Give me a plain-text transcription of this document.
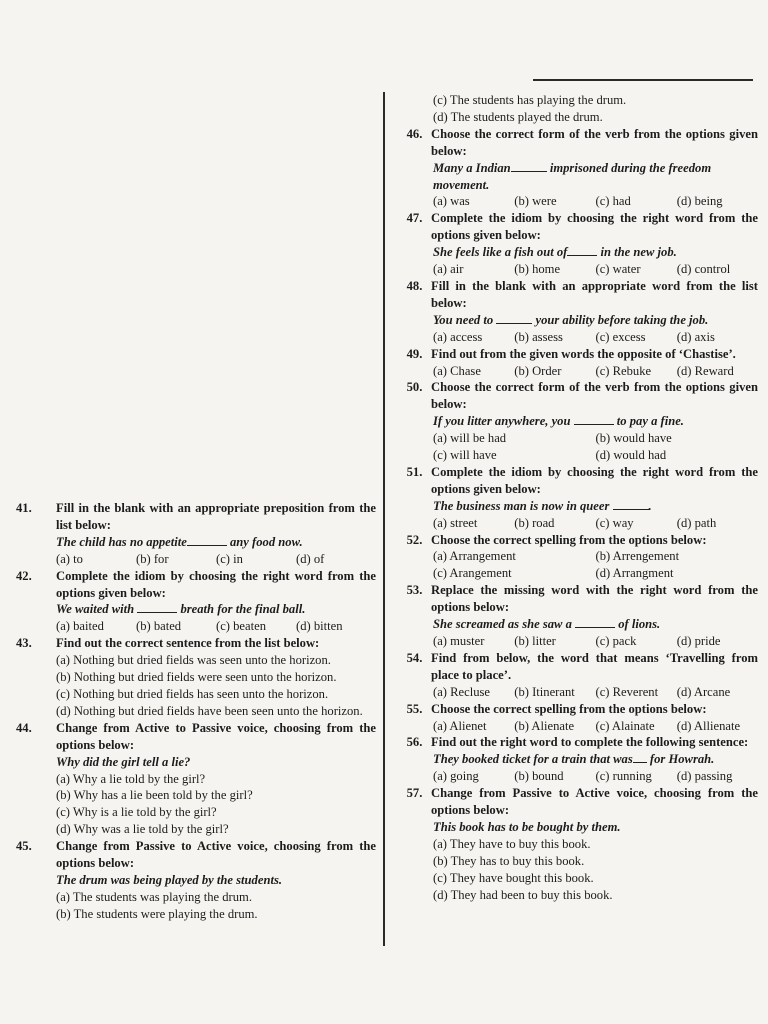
41.	Fill in the blank with an appropriate preposition from the list below:
The child has no appetite	any food now.
(a) to	(b) for	(c) in	(d) of
42.	Complete the idiom by choosing the right word from the options given below:
We waited with	breath for the final ball.
(a) baited	(b) bated	(c) beaten	(d) bitten
43.	Find out the correct sentence from the list below:
(a) Nothing but dried fields was seen unto the horizon.
(b) Nothing but dried fields were seen unto the horizon.
(c) Nothing but dried fields has seen unto the horizon.
(d) Nothing but dried fields have been seen unto the horizon.
44.	Change from Active to Passive voice, choosing from the options below:
Why did the girl tell a lie?
(a) Why a lie told by the girl?
(b) Why has a lie been told by the girl?
(c) Why is a lie told by the girl?
(d) Why was a lie told by the girl?
45.	Change from Passive to Active voice, choosing from the options below:
The drum was being played by the students.
(a) The students was playing the drum.
(b) The students were playing the drum.
(c) The students has playing the drum.
(d) The students played the drum.
46. Choose the correct form of the verb from the options given below:
Many a Indian	imprisoned during the freedom movement.
(a) was	(b) were	(c) had	(d) being
47. Complete the idiom by choosing the right word from the options given below:
She feels like a fish out of	in the new job.
(a) air	(b) home	(c) water	(d) control
48. Fill in the blank with an appropriate word from the list below:
You need to	your ability before taking the job.
(a) access	(b) assess	(c) excess	(d) axis
49. Find out from the given words the opposite of ‘Chastise’.
(a) Chase	(b) Order	(c) Rebuke	(d) Reward
50. Choose the correct form of the verb from the options given below:
If you litter anywhere, you	to pay a fine.
(a) will be had	(b) would have
(c) will have	(d) would had
51. Complete the idiom by choosing the right word from the options given below:
The business man is now in queer	.
(a) street	(b) road	(c) way	(d) path
52. Choose the correct spelling from the options below:
(a) Arrangement	(b) Arrengement
(c) Arangement	(d) Arrangment
53. Replace the missing word with the right word from the options below:
She screamed as she saw a	of lions.
(a) muster	(b) litter	(c) pack	(d) pride
54. Find from below, the word that means ‘Travelling from place to place’.
(a) Recluse	(b) Itinerant	(c) Reverent	(d) Arcane
55. Choose the correct spelling from the options below:
(a) Alienet	(b) Alienate	(c) Alainate	(d) Allienate
56. Find out the right word to complete the following sentence:
They booked ticket for a train that was for Howrah.
(a) going	(b) bound	(c) running	(d) passing
57. Change from Passive to Active voice, choosing from the options below:
This book has to be bought by them.
(a) They have to buy this book.
(b) They has to buy this book.
(c) They have bought this book.
(d) They had been to buy this book.
